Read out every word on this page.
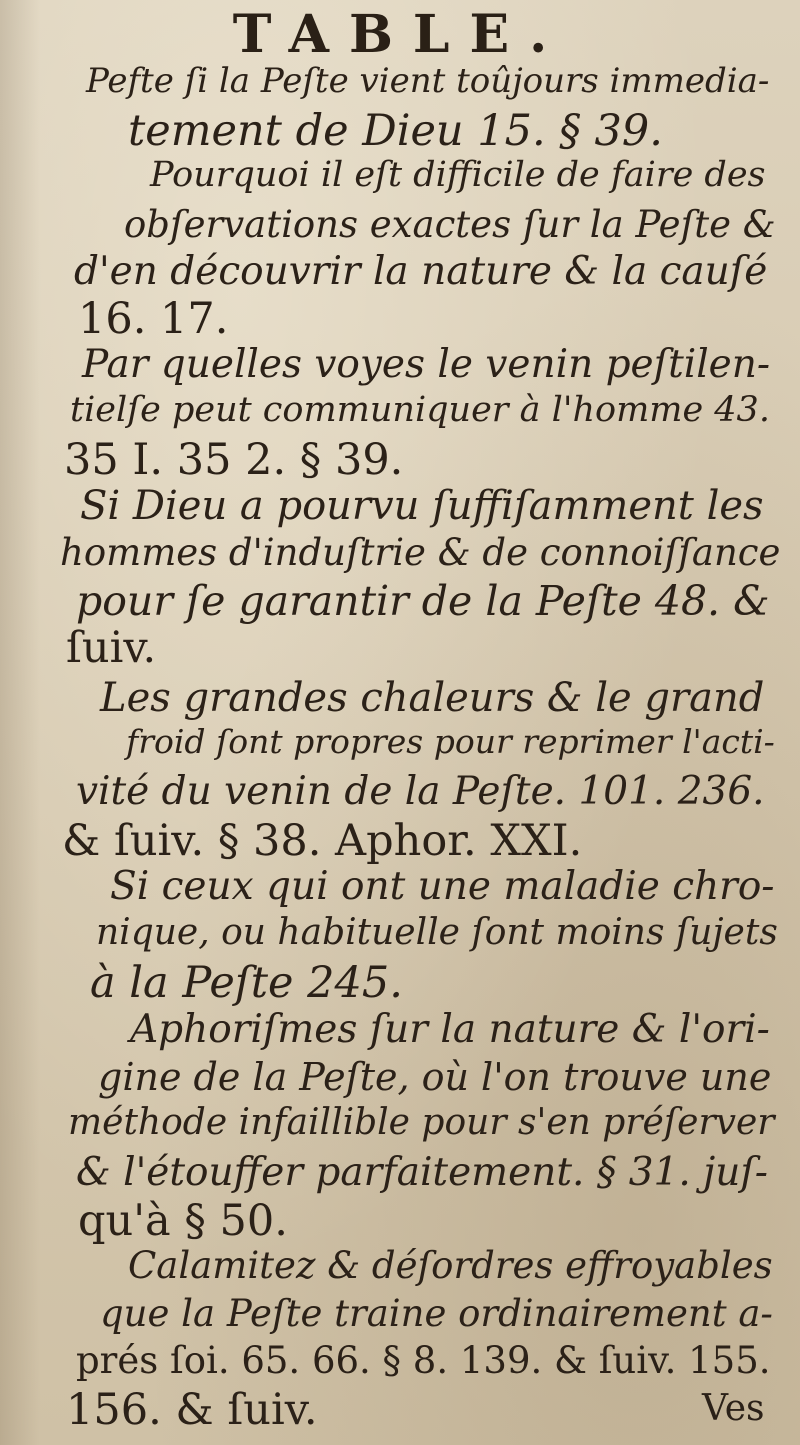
TABLE.
Pefte ſi la Peſte vient toûjours immedia-
tement de Dieu 15. § 39.
Pourquoi il eſt difficile de faire des
obſervations exactes ſur la Peſte &
d'en découvrir la nature & la cauſé
16. 17.
Par quelles voyes le venin peſtilen-
tielſe peut communiquer à l'homme 43.
35 I. 35 2. § 39.
Si Dieu a pourvu ſuffiſamment les
hommes d'induſtrie & de connoiſſance
pour ſe garantir de la Peſte 48. &
ſuiv.
Les grandes chaleurs & le grand
froid ſont propres pour reprimer l'acti-
vité du venin de la Peſte. 101. 236.
& ſuiv. § 38. Aphor. XXI.
Si ceux qui ont une maladie chro-
nique, ou habituelle ſont moins ſujets
à la Peſte 245.
Aphoriſmes ſur la nature & l'ori-
gine de la Peſte, où l'on trouve une
méthode infaillible pour s'en préſerver
& l'étouffer parfaitement. § 31. juſ-
qu'à § 50.
Calamitez & déſordres effroyables
que la Peſte traine ordinairement a-
prés ſoi. 65. 66. § 8. 139. & ſuiv. 155.
156. & ſuiv.	Ves
